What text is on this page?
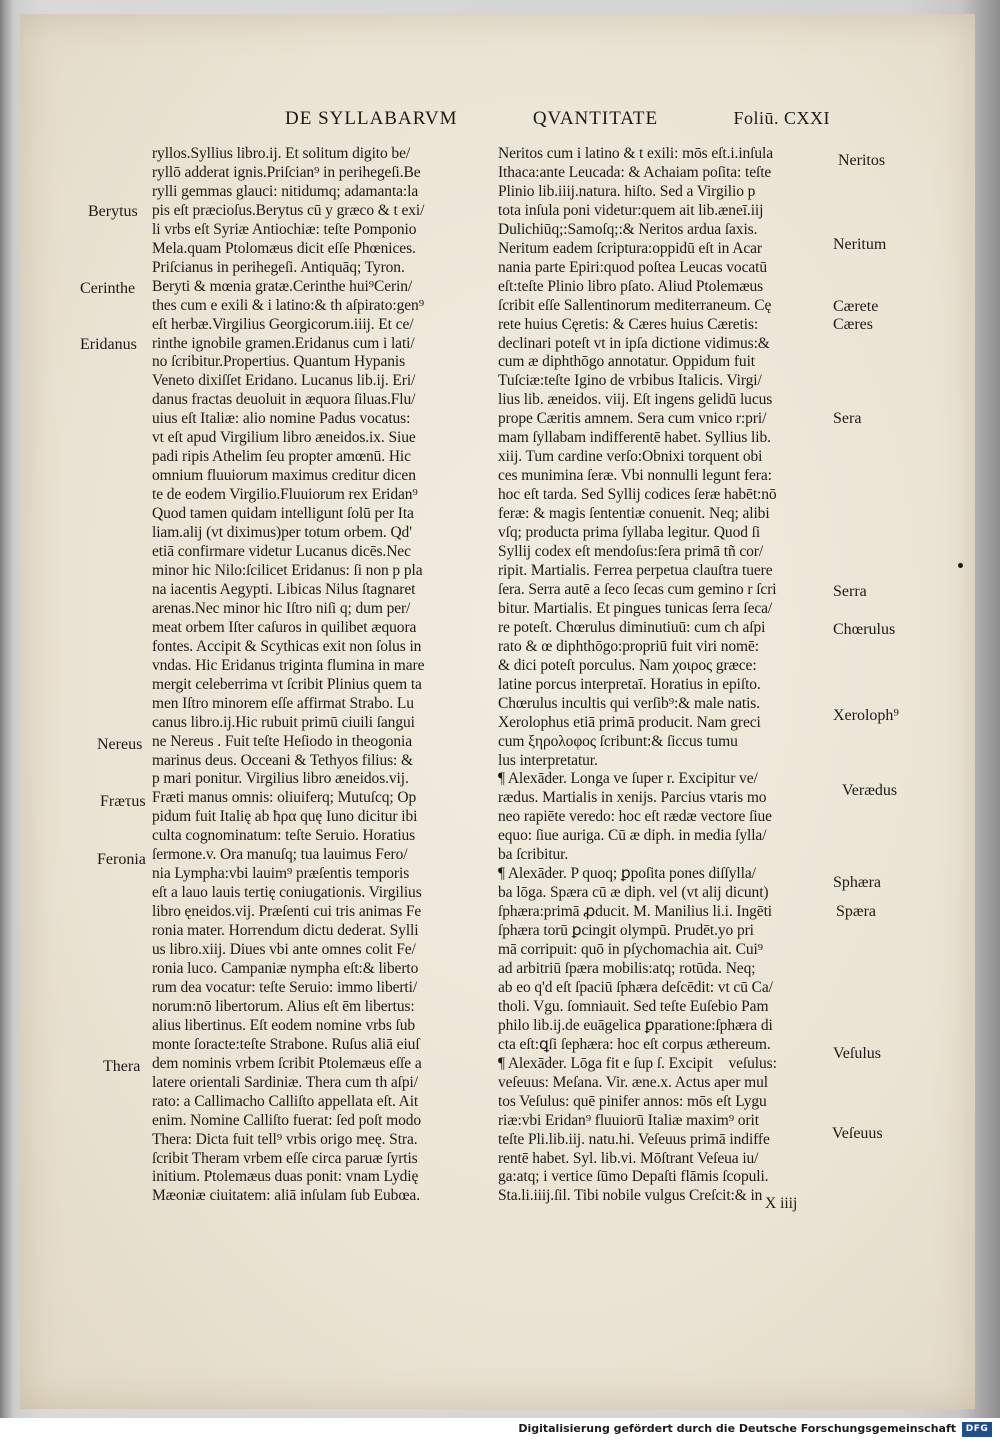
DE SYLLABARVM	QVANTITATE	Foliū. CXXI
ryllos.Syllius libro.ij. Et solitum digito be/
ryllō adderat ignis.Priſcian⁹ in perihegeſi.Be
rylli gemmas glauci: nitidumq; adamanta:la
pis eſt præcioſus.Berytus cū y græco & t exi/
li vrbs eſt Syriæ Antiochiæ: teſte Pomponio
Mela.quam Ptolomæus dicit eſſe Phœnices.
Priſcianus in perihegeſi. Antiquāq; Tyron.
Beryti & mœnia gratæ.Cerinthe hui⁹Cerin/
thes cum e exili & i latino:& th aſpirato:gen⁹
eſt herbæ.Virgilius Georgicorum.iiij. Et ce/
rinthe ignobile gramen.Eridanus cum i lati/
no ſcribitur.Propertius. Quantum Hypanis
Veneto dixiſſet Eridano. Lucanus lib.ij. Eri/
danus fractas deuoluit in æquora ſiluas.Flu/
uius eſt Italiæ: alio nomine Padus vocatus:
vt eſt apud Virgilium libro æneidos.ix. Siue
padi ripis Athelim ſeu propter amœnū. Hic
omnium fluuiorum maximus creditur dicen
te de eodem Virgilio.Fluuiorum rex Eridan⁹
Quod tamen quidam intelligunt ſolū per Ita
liam.alij (vt diximus)per totum orbem. Qd'
etiā confirmare videtur Lucanus dicēs.Nec
minor hic Nilo:ſcilicet Eridanus: ſi non p pla
na iacentis Aegypti. Libicas Nilus ſtagnaret
arenas.Nec minor hic Iſtro niſi q; dum per/
meat orbem Iſter caſuros in quilibet æquora
fontes. Accipit & Scythicas exit non ſolus in
vndas. Hic Eridanus triginta flumina in mare
mergit celeberrima vt ſcribit Plinius quem ta
men Iſtro minorem eſſe affirmat Strabo. Lu
canus libro.ij.Hic rubuit primū ciuili ſangui
ne Nereus . Fuit teſte Heſiodo in theogonia
marinus deus. Occeani & Tethyos filius: &
p mari ponitur. Virgilius libro æneidos.vij.
Fræti manus omnis: oliuiferq; Mutuſcq; Op
pidum fuit Italię ab ħρα quę Iuno dicitur ibi
culta cognominatum: teſte Seruio. Horatius
ſermone.v. Ora manuſq; tua lauimus Fero/
nia Lympha:vbi lauim⁹ præſentis temporis
eſt a lauo lauis tertię coniugationis. Virgilius
libro ęneidos.vij. Præſenti cui tris animas Fe
ronia mater. Horrendum dictu dederat. Sylli
us libro.xiij. Diues vbi ante omnes colit Fe/
ronia luco. Campaniæ nympha eſt:& liberto
rum dea vocatur: teſte Seruio: immo liberti/
norum:nō libertorum. Alius eſt ēm libertus:
alius libertinus. Eſt eodem nomine vrbs ſub
monte ſoracte:teſte Strabone. Ruſus aliā eiuſ
dem nominis vrbem ſcribit Ptolemæus eſſe a
latere orientali Sardiniæ. Thera cum th aſpi/
rato: a Callimacho Calliſto appellata eſt. Ait
enim. Nomine Calliſto fuerat: ſed poſt modo
Thera: Dicta fuit tell⁹ vrbis origo meę. Stra.
ſcribit Theram vrbem eſſe circa paruæ ſyrtis
initium. Ptolemæus duas ponit: vnam Lydię
Mæoniæ ciuitatem: aliā inſulam ſub Eubœa.
Neritos cum i latino & t exili: mōs eſt.i.inſula
Ithaca:ante Leucada: & Achaiam poſita: teſte
Plinio lib.iiij.natura. hiſto. Sed a Virgilio p
tota inſula poni videtur:quem ait lib.æneī.iij
Dulichiūq;:Samoſq;:& Neritos ardua ſaxis.
Neritum eadem ſcriptura:oppidū eſt in Acar
nania parte Epiri:quod poſtea Leucas vocatū
eſt:teſte Plinio libro pſato. Aliud Ptolemæus
ſcribit eſſe Sallentinorum mediterraneum. Cę
rete huius Cęretis: & Cæres huius Cæretis:
declinari poteſt vt in ipſa dictione vidimus:&
cum æ diphthōgo annotatur. Oppidum fuit
Tuſciæ:teſte Igino de vrbibus Italicis. Virgi/
lius lib. æneidos. viij. Eſt ingens gelidū lucus
prope Cæritis amnem. Sera cum vnico r:pri/
mam ſyllabam indifferentē habet. Syllius lib.
xiij. Tum cardine verſo:Obnixi torquent obi
ces munimina ſeræ. Vbi nonnulli legunt fera:
hoc eſt tarda. Sed Syllij codices ſeræ habēt:nō
feræ: & magis ſententiæ conuenit. Neq; alibi
vſq; producta prima ſyllaba legitur. Quod ſi
Syllij codex eſt mendoſus:ſera primā tñ cor/
ripit. Martialis. Ferrea perpetua clauſtra tuere
ſera. Serra autē a ſeco ſecas cum gemino r ſcri
bitur. Martialis. Et pingues tunicas ſerra ſeca/
re poteſt. Chœrulus diminutiuū: cum ch aſpi
rato & œ diphthōgo:propriū fuit viri nomē:
& dici poteſt porculus. Nam χοιρος græce:
latine porcus interpretaī. Horatius in epiſto.
Chœrulus incultis qui verſib⁹:& male natis.
Xerolophus etiā primā producit. Nam greci
cum ξηρολοφος ſcribunt:& ſiccus tumu
lus interpretatur.
¶ Alexāder. Longa ve ſuper r. Excipitur ve/
rædus. Martialis in xenijs. Parcius vtaris mo
neo rapiēte veredo: hoc eſt rædæ vectore ſiue
equo: ſiue auriga. Cū æ diph. in media ſylla/
ba ſcribitur.
¶ Alexāder. P quoq; ꝑpoſita pones diſſylla/
ba lōga. Spæra cū æ diph. vel (vt alij dicunt)
ſphæra:primā ꝓducit. M. Manilius li.i. Ingēti
ſphæra torū ꝑcingit olympū. Prudēt.yo pri
mā corripuit: quō in pſychomachia ait. Cui⁹
ad arbitriū ſpæra mobilis:atq; rotūda. Neq;
ab eo q'd eſt ſpaciū ſphæra deſcēdit: vt cū Ca/
tholi. Vgu. ſomniauit. Sed teſte Euſebio Pam
philo lib.ij.de euāgelica ꝑparatione:ſphæra di
cta eſt:ꝗſi ſephæra: hoc eſt corpus æthereum.
¶ Alexāder. Lōga fit e ſup ſ. Excipitᷣ veſulus:
veſeuus: Meſana. Vir. æne.x. Actus aper mul
tos Veſulus: quē pinifer annos: mōs eſt Lygu
riæ:vbi Eridan⁹ fluuiorū Italiæ maxim⁹ oritᷣ
teſte Pli.lib.iij. natu.hi. Veſeuus primā indiffe
rentē habet. Syl. lib.vi. Mōſtrant Veſeua iu/
ga:atq; i vertice ſūmo Depaſti flāmis ſcopuli.
Sta.li.iiij.ſil. Tibi nobile vulgus Creſcit:& in
Berytus
Cerinthe
Eridanus
Nereus
Fræτus
Feronia
Thera
Neritos
Neritum
Cærete
Cæres
Sera
Serra
Chœrulus
Xeroloph⁹
Verædus
Sphæra
Spæra
Veſulus
Veſeuus
X iiij
Digitalisierung gefördert durch die Deutsche Forschungsgemeinschaft	DFG
